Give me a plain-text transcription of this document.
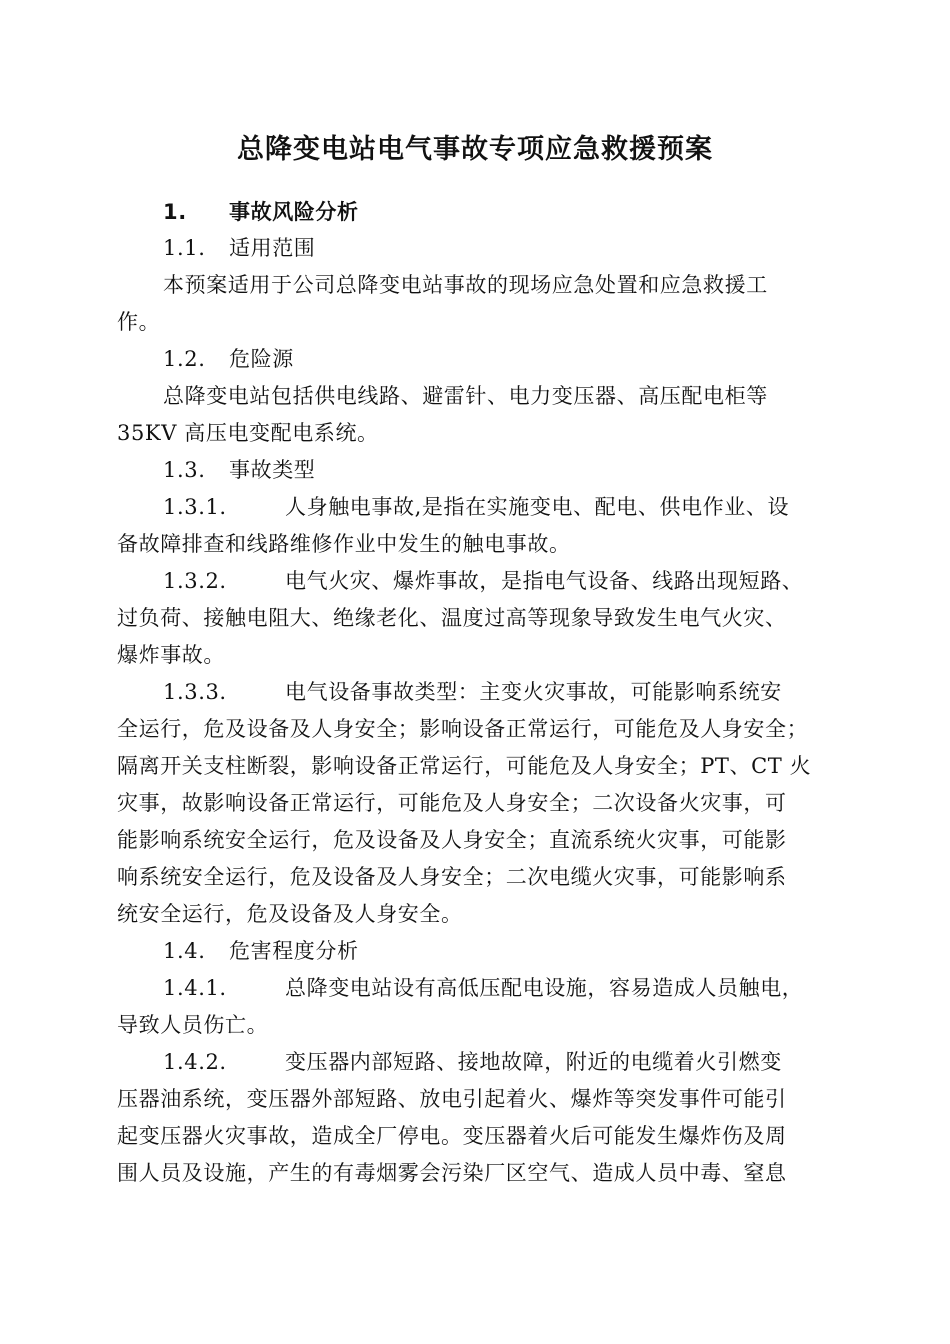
总降变电站电气事故专项应急救援预案
1. 事故风险分析
1.1. 适用范围
本预案适用于公司总降变电站事故的现场应急处置和应急救援工
作。
1.2. 危险源
总降变电站包括供电线路、避雷针、电力变压器、高压配电柜等
35KV 高压电变配电系统。
1.3. 事故类型
1.3.1.	人身触电事故,是指在实施变电、配电、供电作业、设
备故障排查和线路维修作业中发生的触电事故。
1.3.2.	电气火灾、爆炸事故，是指电气设备、线路出现短路、
过负荷、接触电阻大、绝缘老化、温度过高等现象导致发生电气火灾、
爆炸事故。
1.3.3.	电气设备事故类型：主变火灾事故，可能影响系统安
全运行，危及设备及人身安全；影响设备正常运行，可能危及人身安全；
隔离开关支柱断裂，影响设备正常运行，可能危及人身安全；PT、CT 火
灾事，故影响设备正常运行，可能危及人身安全；二次设备火灾事，可
能影响系统安全运行，危及设备及人身安全；直流系统火灾事，可能影
响系统安全运行，危及设备及人身安全；二次电缆火灾事，可能影响系
统安全运行，危及设备及人身安全。
1.4. 危害程度分析
1.4.1.	总降变电站设有高低压配电设施，容易造成人员触电，
导致人员伤亡。
1.4.2.	变压器内部短路、接地故障，附近的电缆着火引燃变
压器油系统，变压器外部短路、放电引起着火、爆炸等突发事件可能引
起变压器火灾事故，造成全厂停电。变压器着火后可能发生爆炸伤及周
围人员及设施，产生的有毒烟雾会污染厂区空气、造成人员中毒、窒息
